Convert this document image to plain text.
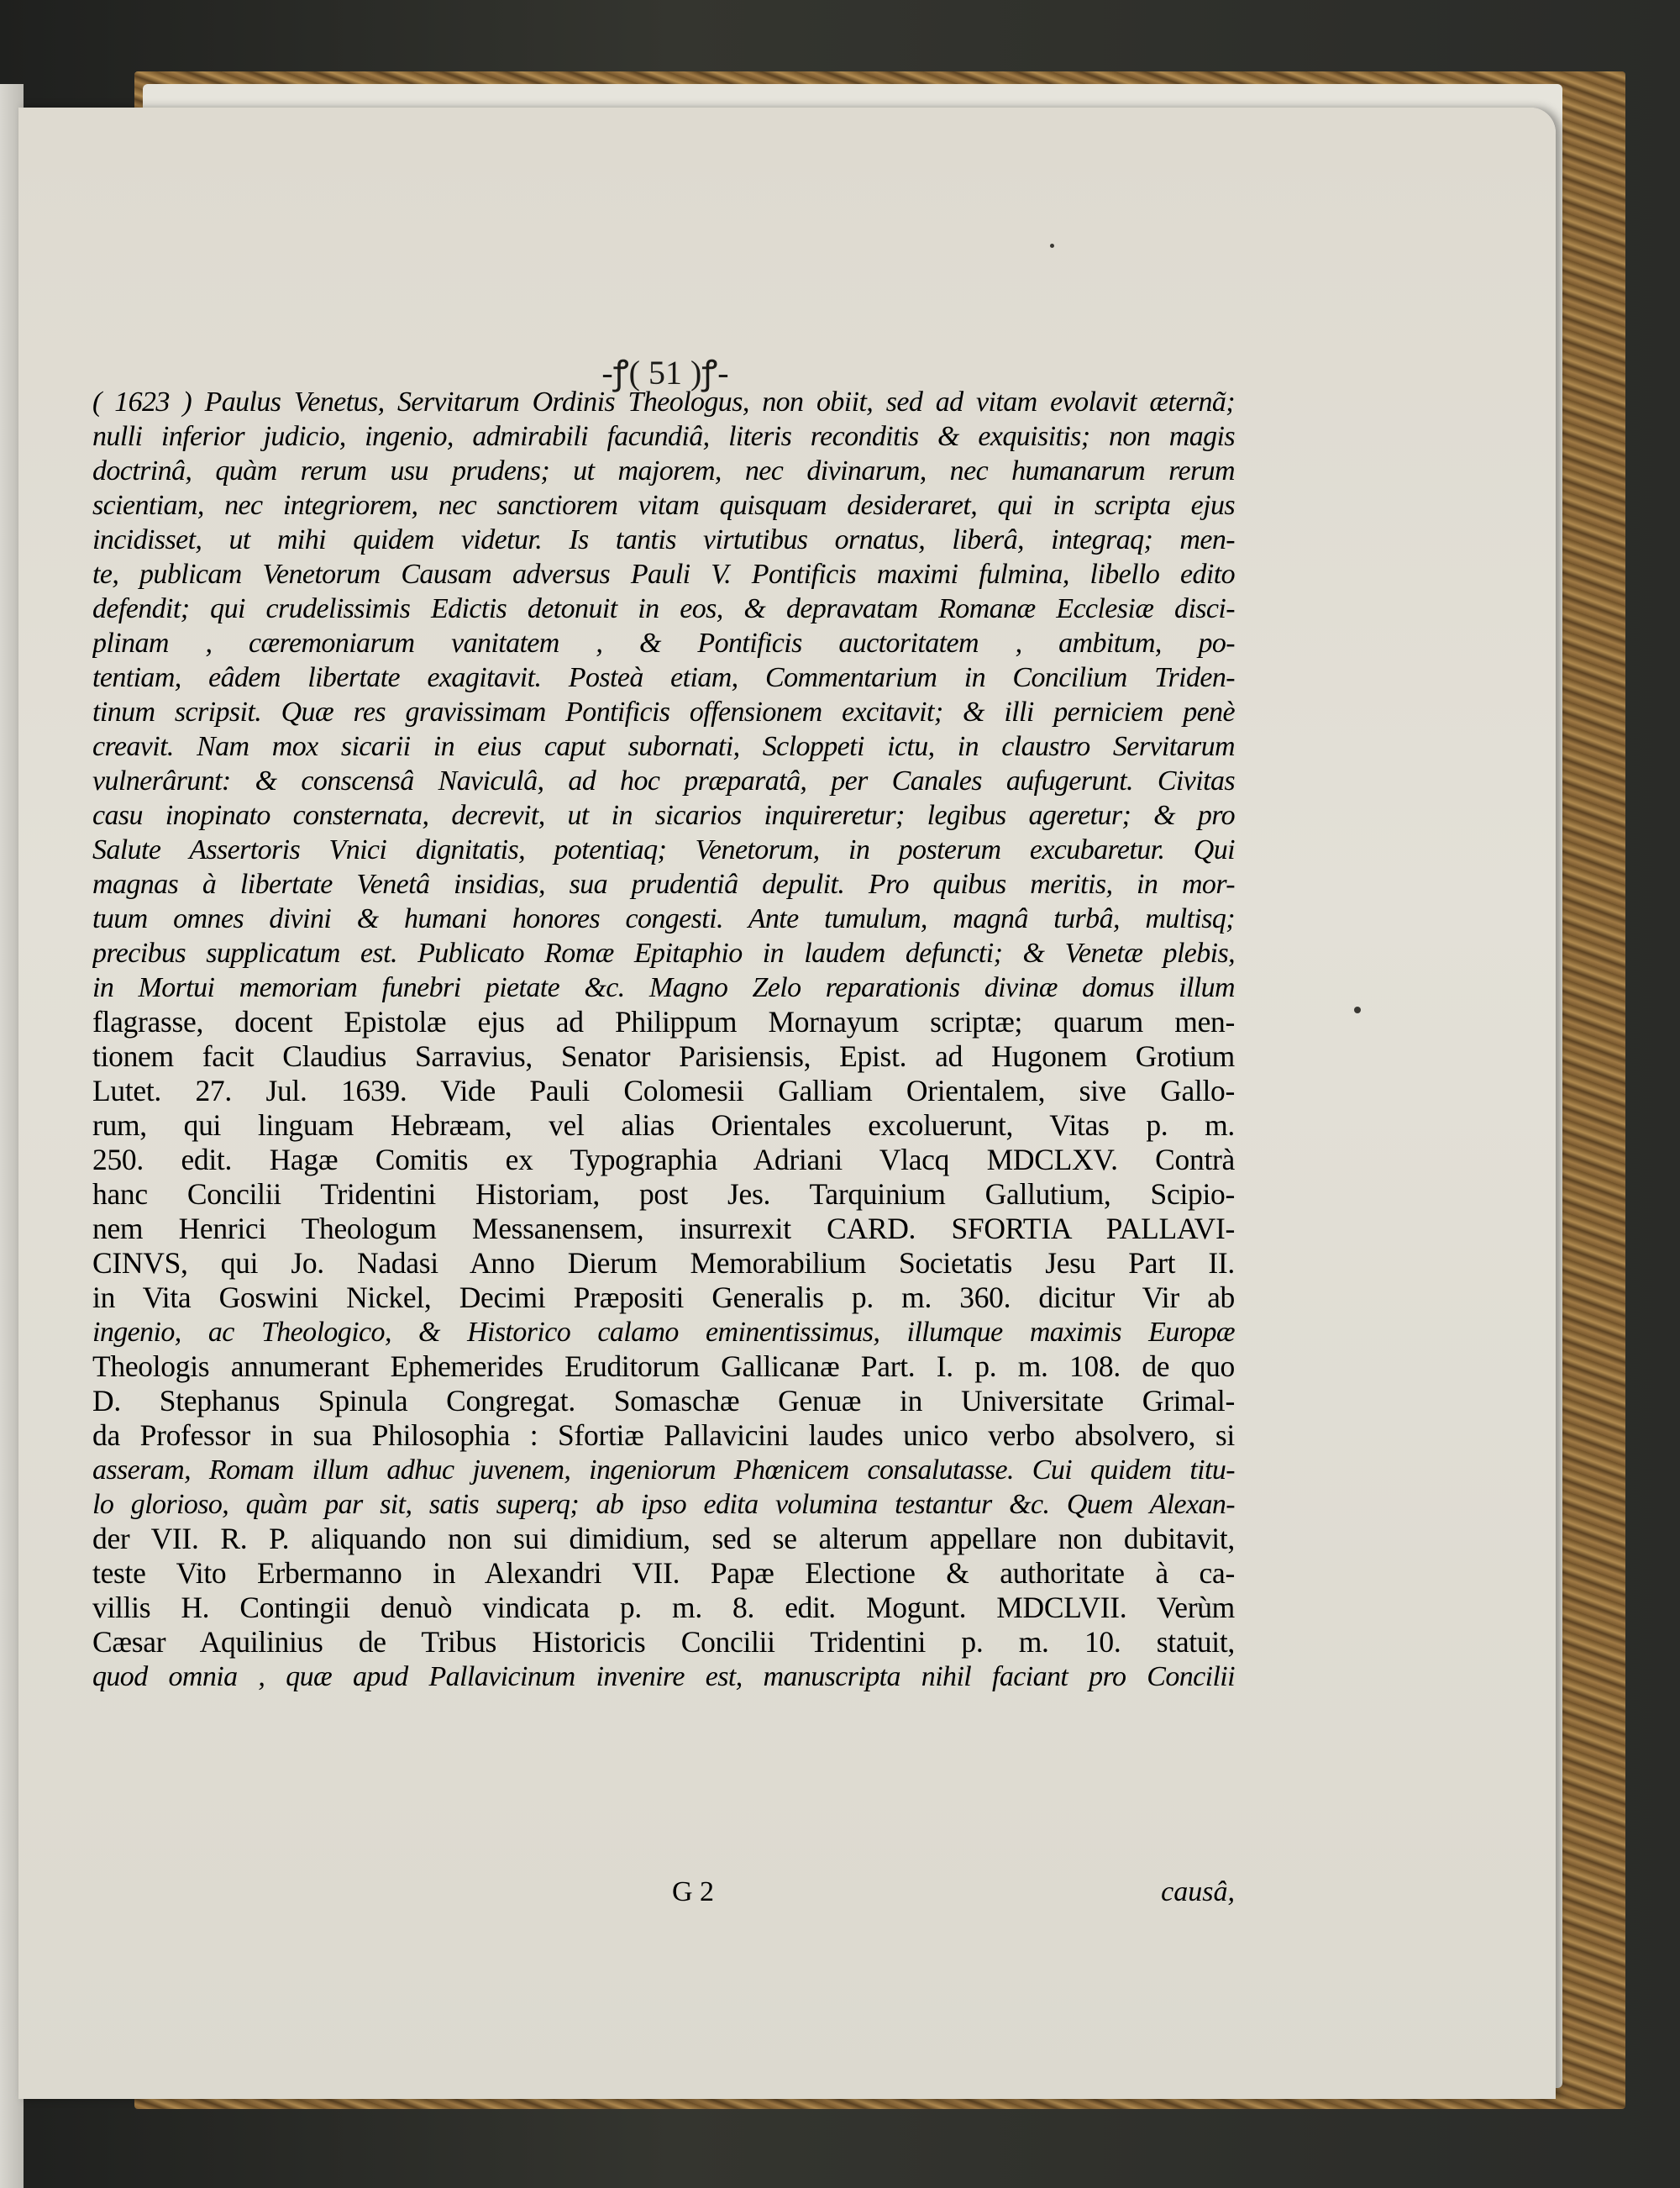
-ꝭ( 51 )ꝭ-
( 1623 ) Paulus Venetus, Servitarum Ordinis Theologus, non obiit, sed ad vitam evolavit æternã;
nulli inferior judicio, ingenio, admirabili facundiâ, literis reconditis & exquisitis; non magis
doctrinâ, quàm rerum usu prudens; ut majorem, nec divinarum, nec humanarum rerum
scientiam, nec integriorem, nec sanctiorem vitam quisquam desideraret, qui in scripta ejus
incidisset, ut mihi quidem videtur. Is tantis virtutibus ornatus, liberâ, integraq; men-
te, publicam Venetorum Causam adversus Pauli V. Pontificis maximi fulmina, libello edito
defendit; qui crudelissimis Edictis detonuit in eos, & depravatam Romanæ Ecclesiæ disci-
plinam , cæremoniarum vanitatem , & Pontificis auctoritatem , ambitum, po-
tentiam, eâdem libertate exagitavit. Posteà etiam, Commentarium in Concilium Triden-
tinum scripsit. Quæ res gravissimam Pontificis offensionem excitavit; & illi perniciem penè
creavit. Nam mox sicarii in eius caput subornati, Scloppeti ictu, in claustro Servitarum
vulnerârunt: & conscensâ Naviculâ, ad hoc præparatâ, per Canales aufugerunt. Civitas
casu inopinato consternata, decrevit, ut in sicarios inquireretur; legibus ageretur; & pro
Salute Assertoris Vnici dignitatis, potentiaq; Venetorum, in posterum excubaretur. Qui
magnas à libertate Venetâ insidias, sua prudentiâ depulit. Pro quibus meritis, in mor-
tuum omnes divini & humani honores congesti. Ante tumulum, magnâ turbâ, multisq;
precibus supplicatum est. Publicato Romæ Epitaphio in laudem defuncti; & Venetæ plebis,
in Mortui memoriam funebri pietate &c. Magno Zelo reparationis divinæ domus illum
flagrasse, docent Epistolæ ejus ad Philippum Mornayum scriptæ; quarum men-
tionem facit Claudius Sarravius, Senator Parisiensis, Epist. ad Hugonem Grotium
Lutet. 27. Jul. 1639. Vide Pauli Colomesii Galliam Orientalem, sive Gallo-
rum, qui linguam Hebræam, vel alias Orientales excoluerunt, Vitas p. m.
250. edit. Hagæ Comitis ex Typographia Adriani Vlacq MDCLXV. Contrà
hanc Concilii Tridentini Historiam, post Jes. Tarquinium Gallutium, Scipio-
nem Henrici Theologum Messanensem, insurrexit CARD. SFORTIA PALLAVI-
CINVS, qui Jo. Nadasi Anno Dierum Memorabilium Societatis Jesu Part II.
in Vita Goswini Nickel, Decimi Præpositi Generalis p. m. 360. dicitur Vir ab
ingenio, ac Theologico, & Historico calamo eminentissimus, illumque maximis Europæ
Theologis annumerant Ephemerides Eruditorum Gallicanæ Part. I. p. m. 108. de quo
D. Stephanus Spinula Congregat. Somaschæ Genuæ in Universitate Grimal-
da Professor in sua Philosophia : Sfortiæ Pallavicini laudes unico verbo absolvero, si
asseram, Romam illum adhuc juvenem, ingeniorum Phœnicem consalutasse. Cui quidem titu-
lo glorioso, quàm par sit, satis superq; ab ipso edita volumina testantur &c. Quem Alexan-
der VII. R. P. aliquando non sui dimidium, sed se alterum appellare non dubitavit,
teste Vito Erbermanno in Alexandri VII. Papæ Electione & authoritate à ca-
villis H. Contingii denuò vindicata p. m. 8. edit. Mogunt. MDCLVII. Verùm
Cæsar Aquilinius de Tribus Historicis Concilii Tridentini p. m. 10. statuit,
quod omnia , quæ apud Pallavicinum invenire est, manuscripta nihil faciant pro Concilii
G 2	causâ,
